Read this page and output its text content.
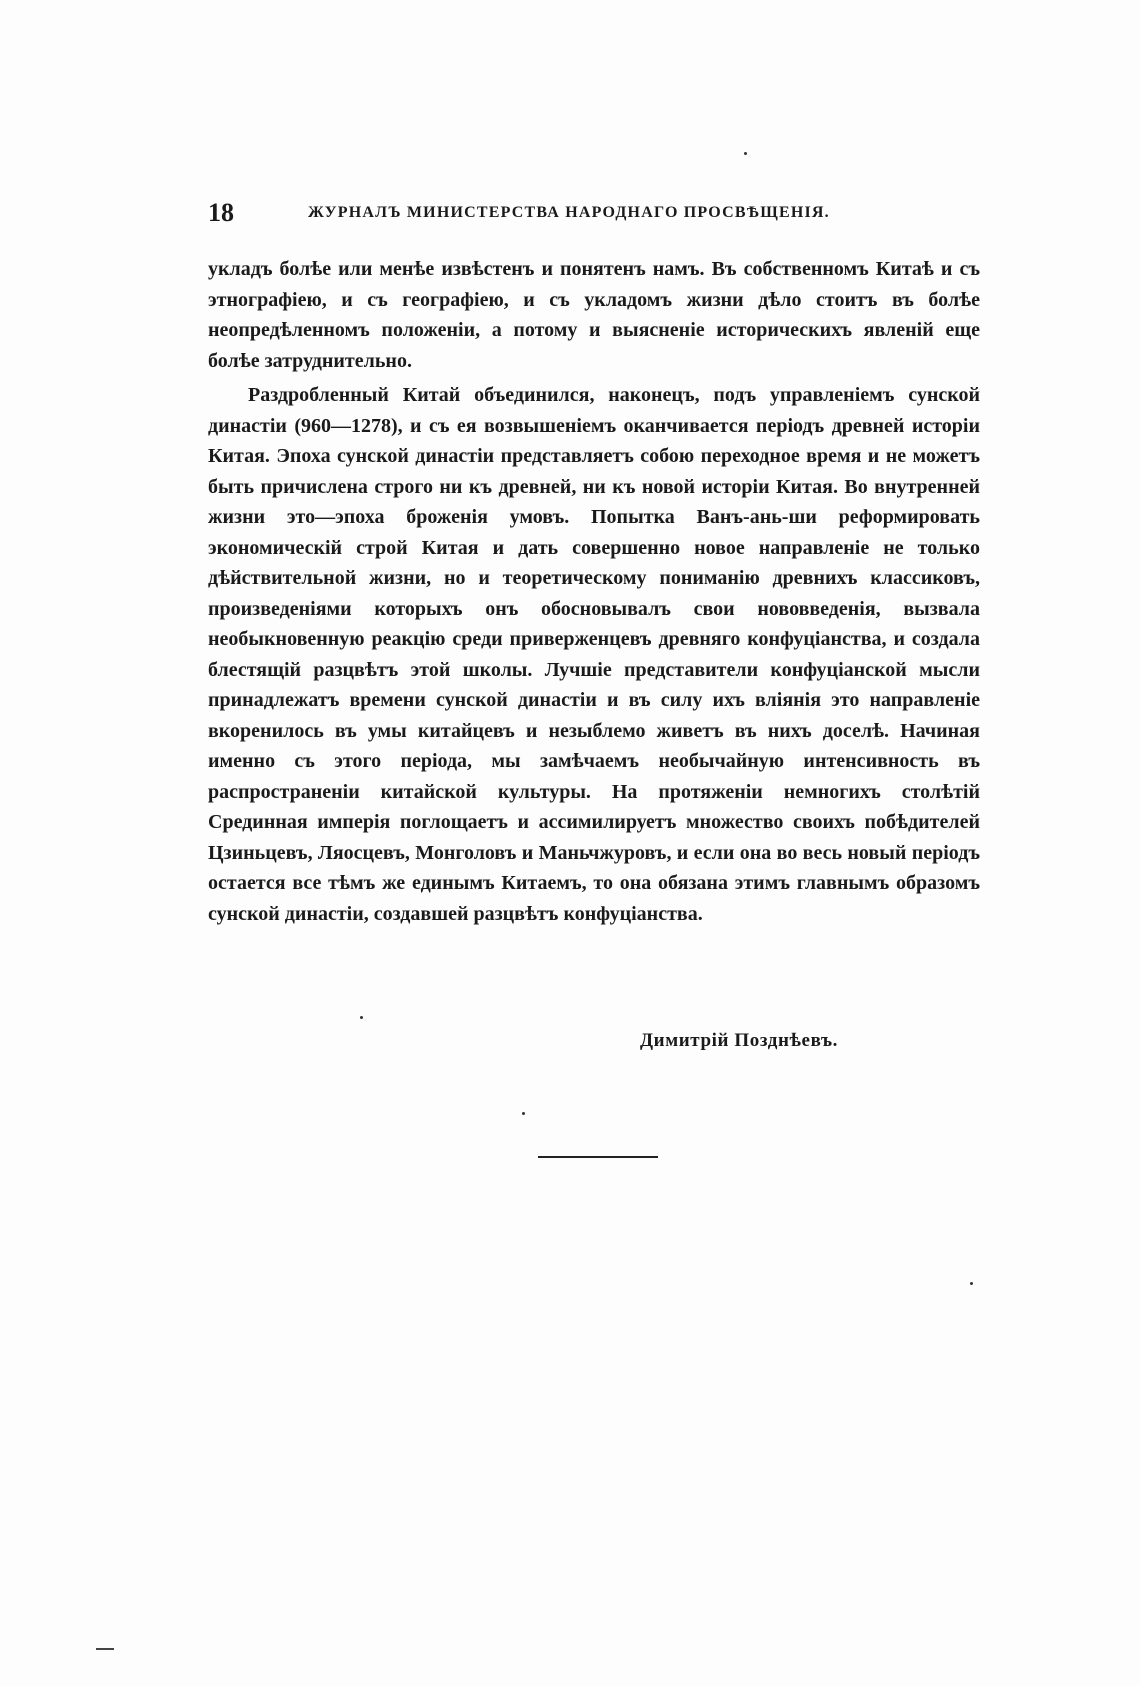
18	ЖУРНАЛЪ МИНИСТЕРСТВА НАРОДНАГО ПРОСВѢЩЕНІЯ.

укладъ болѣе или менѣе извѣстенъ и понятенъ намъ. Въ собственномъ Китаѣ и съ этнографіею, и съ географіею, и съ укладомъ жизни дѣло стоитъ въ болѣе неопредѣленномъ положеніи, а потому и выясненіе историческихъ явленій еще болѣе затруднительно.

Раздробленный Китай объединился, наконецъ, подъ управленіемъ сунской династіи (960—1278), и съ ея возвышеніемъ оканчивается періодъ древней исторіи Китая. Эпоха сунской династіи представляетъ собою переходное время и не можетъ быть причислена строго ни къ древней, ни къ новой исторіи Китая. Во внутренней жизни это—эпоха броженія умовъ. Попытка Ванъ-ань-ши реформировать экономическій строй Китая и дать совершенно новое направленіе не только дѣйствительной жизни, но и теоретическому пониманію древнихъ классиковъ, произведеніями которыхъ онъ обосновывалъ свои нововведенія, вызвала необыкновенную реакцію среди приверженцевъ древняго конфуціанства, и создала блестящій разцвѣтъ этой школы. Лучшіе представители конфуціанской мысли принадлежатъ времени сунской династіи и въ силу ихъ вліянія это направленіе вкоренилось въ умы китайцевъ и незыблемо живетъ въ нихъ доселѣ. Начиная именно съ этого періода, мы замѣчаемъ необычайную интенсивность въ распространеніи китайской культуры. На протяженіи немногихъ столѣтій Срединная имперія поглощаетъ и ассимилируетъ множество своихъ побѣдителей Цзиньцевъ, Ляосцевъ, Монголовъ и Маньчжуровъ, и если она во весь новый періодъ остается все тѣмъ же единымъ Китаемъ, то она обязана этимъ главнымъ образомъ сунской династіи, создавшей разцвѣтъ конфуціанства.

Димитрій Позднѣевъ.
